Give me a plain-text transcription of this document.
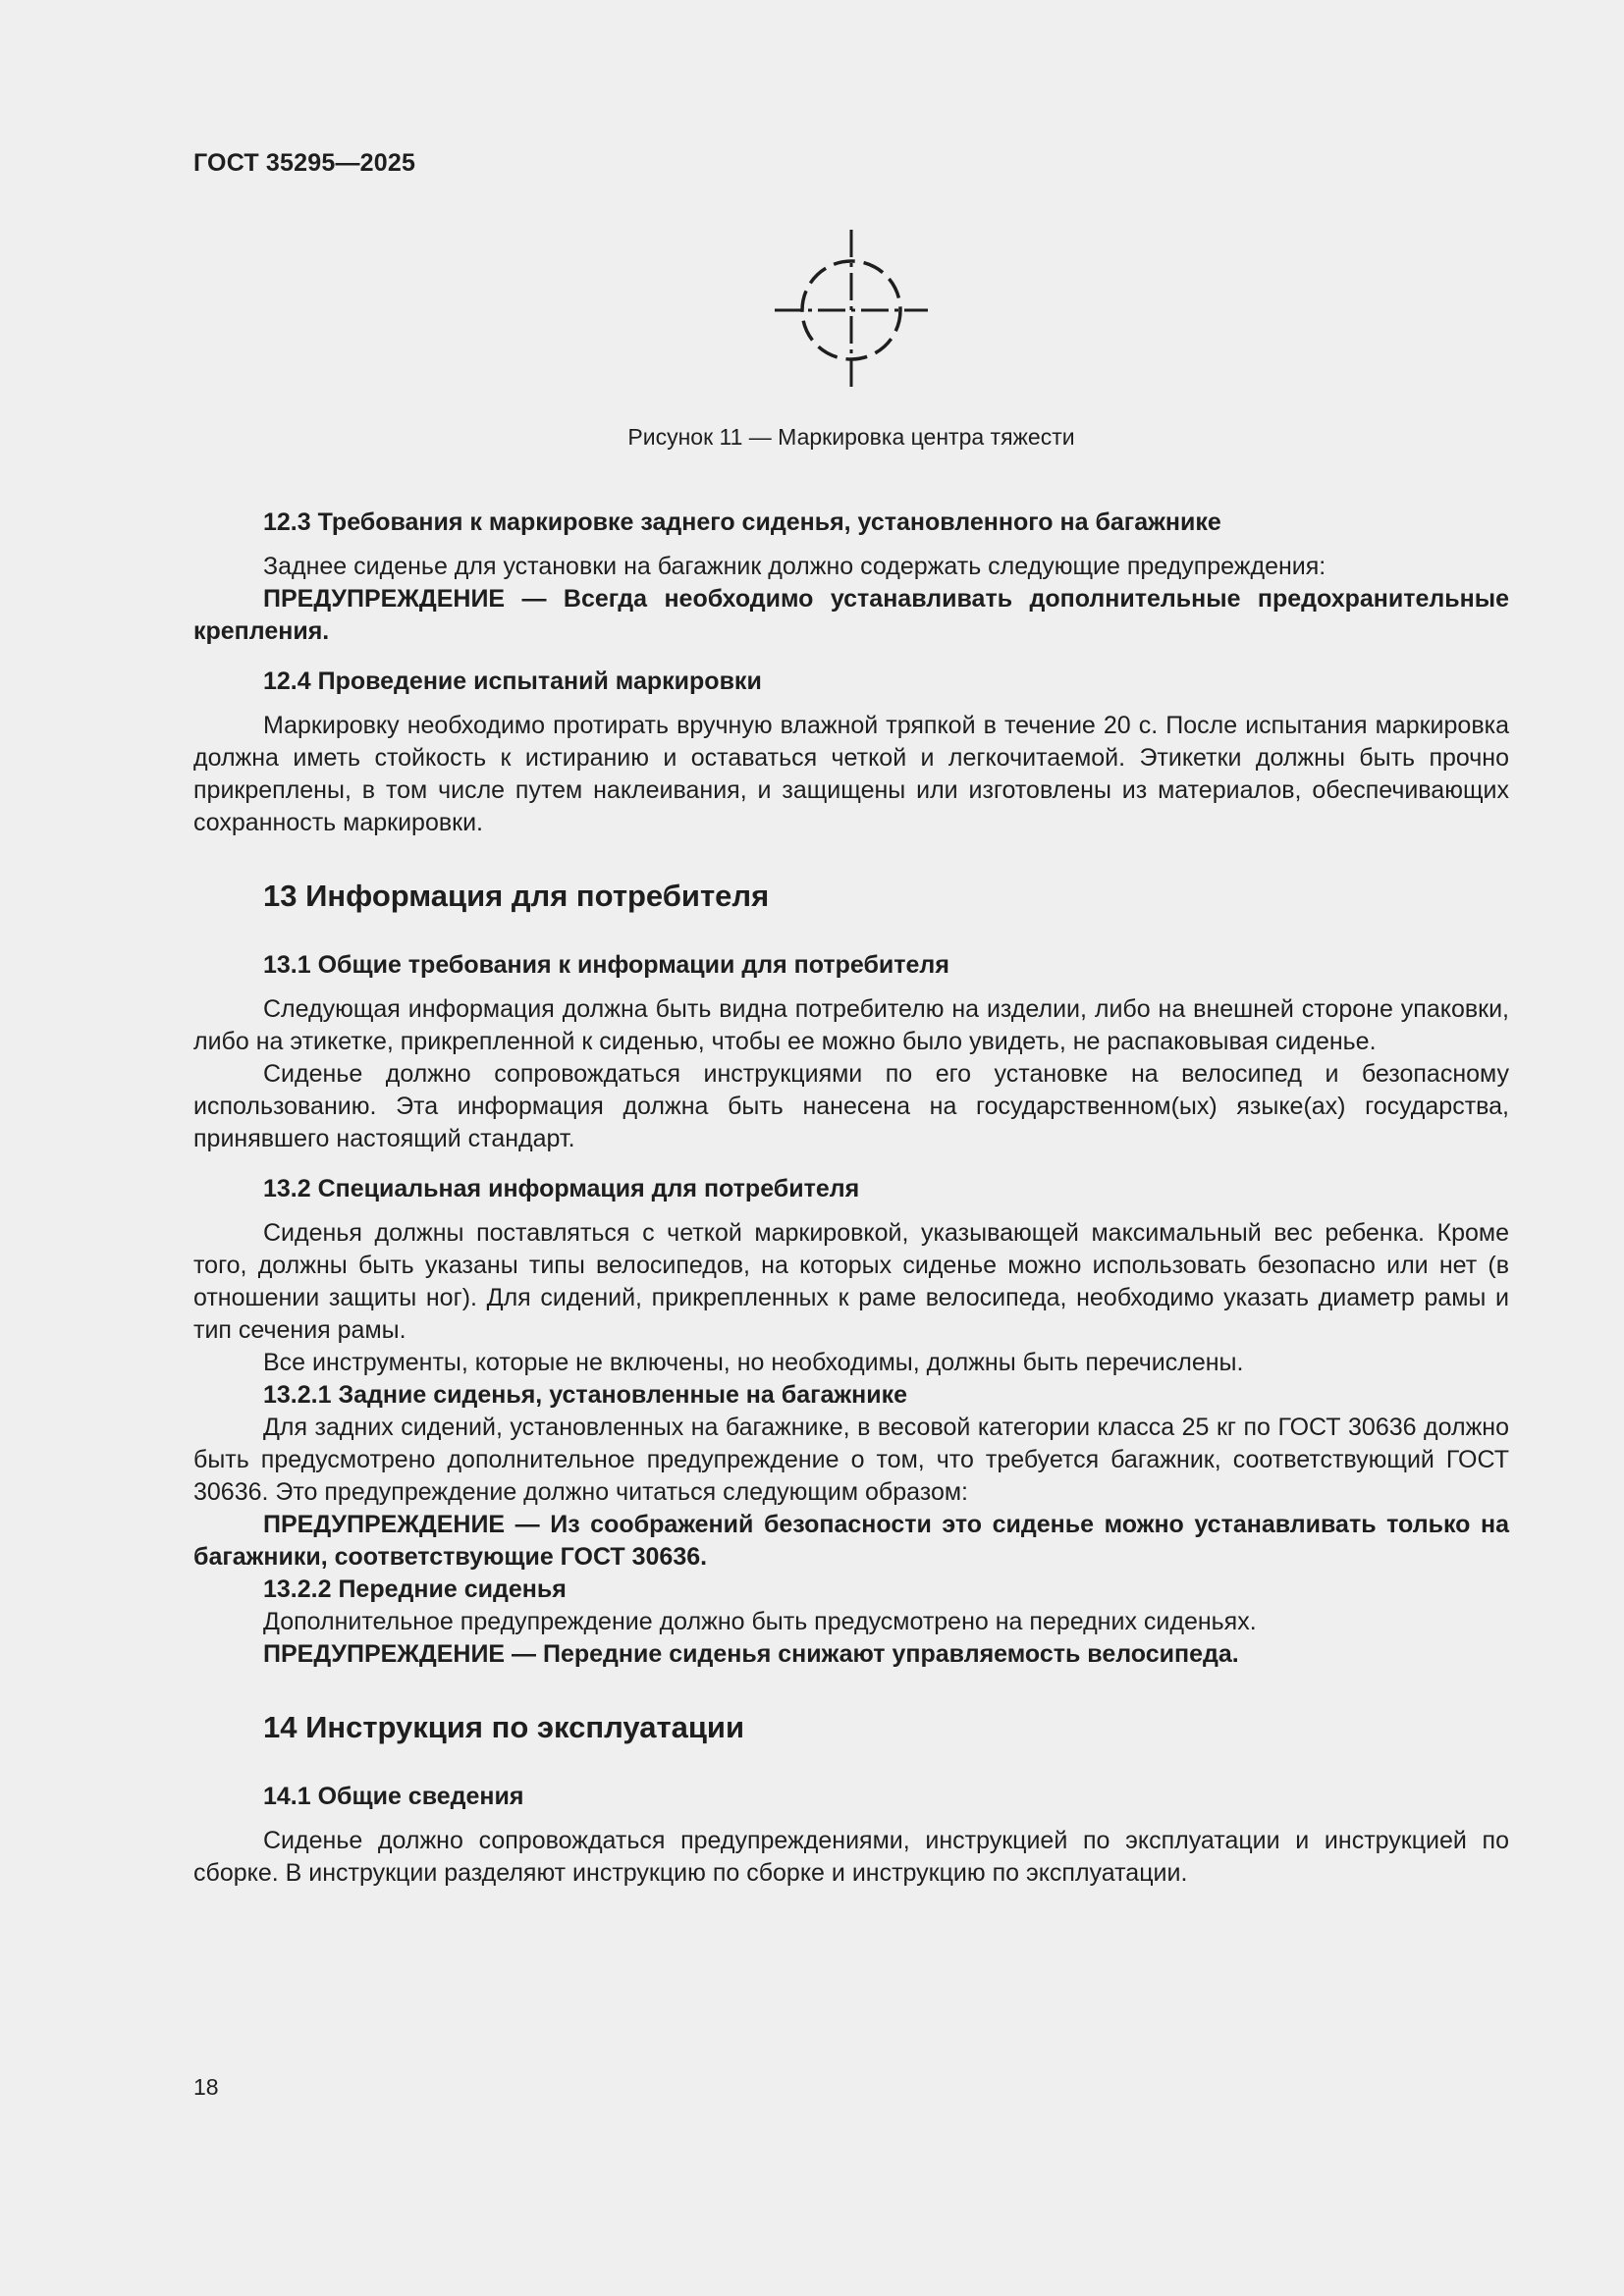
ГОСТ 35295—2025
Рисунок 11 — Маркировка центра тяжести

12.3 Требования к маркировке заднего сиденья, установленного на багажнике

Заднее сиденье для установки на багажник должно содержать следующие предупреждения:

ПРЕДУПРЕЖДЕНИЕ — Всегда необходимо устанавливать дополнительные предохранительные крепления.

12.4 Проведение испытаний маркировки

Маркировку необходимо протирать вручную влажной тряпкой в течение 20 с. После испытания маркировка должна иметь стойкость к истиранию и оставаться четкой и легкочитаемой. Этикетки должны быть прочно прикреплены, в том числе путем наклеивания, и защищены или изготовлены из материалов, обеспечивающих сохранность маркировки.

13 Информация для потребителя

13.1 Общие требования к информации для потребителя

Следующая информация должна быть видна потребителю на изделии, либо на внешней стороне упаковки, либо на этикетке, прикрепленной к сиденью, чтобы ее можно было увидеть, не распаковывая сиденье.

Сиденье должно сопровождаться инструкциями по его установке на велосипед и безопасному использованию. Эта информация должна быть нанесена на государственном(ых) языке(ах) государства, принявшего настоящий стандарт.

13.2 Специальная информация для потребителя

Сиденья должны поставляться с четкой маркировкой, указывающей максимальный вес ребенка. Кроме того, должны быть указаны типы велосипедов, на которых сиденье можно использовать безопасно или нет (в отношении защиты ног). Для сидений, прикрепленных к раме велосипеда, необходимо указать диаметр рамы и тип сечения рамы.

Все инструменты, которые не включены, но необходимы, должны быть перечислены.

13.2.1 Задние сиденья, установленные на багажнике

Для задних сидений, установленных на багажнике, в весовой категории класса 25 кг по ГОСТ 30636 должно быть предусмотрено дополнительное предупреждение о том, что требуется багажник, соответствующий ГОСТ 30636. Это предупреждение должно читаться следующим образом:

ПРЕДУПРЕЖДЕНИЕ — Из соображений безопасности это сиденье можно устанавливать только на багажники, соответствующие ГОСТ 30636.

13.2.2 Передние сиденья

Дополнительное предупреждение должно быть предусмотрено на передних сиденьях.

ПРЕДУПРЕЖДЕНИЕ — Передние сиденья снижают управляемость велосипеда.

14 Инструкция по эксплуатации

14.1 Общие сведения

Сиденье должно сопровождаться предупреждениями, инструкцией по эксплуатации и инструкцией по сборке. В инструкции разделяют инструкцию по сборке и инструкцию по эксплуатации.

18
